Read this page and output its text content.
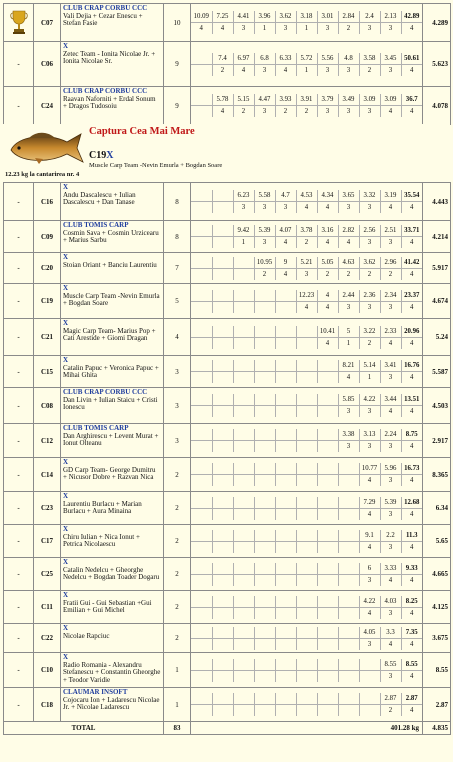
	C07	
CLUB CRAP CORBU CCC
Vali Dejia + Cezar Enescu + Stefan Fasie	10	
10.09	7.25	4.41	3.96	3.62	3.18	3.01	2.84	2.4	2.13	42.89
4	4	3	1	3	1	3	2	3	3	4
	4.289
-	C06	
X
Zetec Team - Ionita Nicolae Jr. + Ionita Nicolae Sr.	9	
	7.4	6.97	6.8	6.33	5.72	5.56	4.8	3.58	3.45	50.61
	2	4	3	4	1	3	3	2	3	4
	5.623
-	C24	
CLUB CRAP CORBU CCC
Raavan Naforniti + Erdal Sonum + Dragos Tudosoiu	9	
	5.78	5.15	4.47	3.93	3.91	3.79	3.49	3.09	3.09	36.7
	4	2	3	2	2	3	3	3	4	4
	4.078
Captura Cea Mai Mare
C19X
Muscle Carp Team -Nevin Emurla + Bogdan Soare
12.23 kg la cantarirea nr. 4
-	C16	
X
Andu Dascalescu + Iulian Dascalescu + Dan Tanase	8	
		6.23	5.58	4.7	4.53	4.34	3.65	3.32	3.19	35.54
		3	3	3	4	4	3	3	4	4
	4.443
-	C09	
CLUB TOMIS CARP
Cosmin Sava + Cosmin Urzicearu + Marius Sarbu	8	
		9.42	5.39	4.07	3.78	3.16	2.82	2.56	2.51	33.71
		1	3	4	2	4	4	3	3	4
	4.214
-	C20	
X
Stoian Oriant + Banciu Laurentiu	7	
			10.95	9	5.21	5.05	4.63	3.62	2.96	41.42
			2	4	3	2	2	2	2	4
	5.917
-	C19	
X
Muscle Carp Team -Nevin Emurla + Bogdan Soare	5	
					12.23	4	2.44	2.36	2.34	23.37
					4	4	3	3	3	4
	4.674
-	C21	
X
Magic Carp Team- Marius Pop + Cati Arestide + Giomi Dragan	4	
						10.41	5	3.22	2.33	20.96
						4	1	2	4	4
	5.24
-	C15	
X
Catalin Papuc + Veronica Papuc + Mihai Ghita	3	
							8.21	5.14	3.41	16.76
							4	1	3	4
	5.587
-	C08	
CLUB CRAP CORBU CCC
Dan Livin + Iulian Staicu + Cristi Ionescu	3	
							5.85	4.22	3.44	13.51
							3	3	4	4
	4.503
-	C12	
CLUB TOMIS CARP
Dan Arghirescu + Levent Murat + Ionut Olteanu	3	
							3.38	3.13	2.24	8.75
							3	3	3	4
	2.917
-	C14	
X
GD Carp Team- George Dumitru + Nicusor Dobre + Razvan Nica	2	
								10.77	5.96	16.73
								4	3	4
	8.365
-	C23	
X
Laurentiu Burlacu + Marian Burlacu + Aura Minaina	2	
								7.29	5.39	12.68
								4	3	4
	6.34
-	C17	
X
Chiru Iulian + Nica Ionut + Petrica Nicolaescu	2	
								9.1	2.2	11.3
								4	3	4
	5.65
-	C25	
X
Catalin Nedelcu + Gheorghe Nedelcu + Bogdan Toader Dogaru	2	
								6	3.33	9.33
								3	4	4
	4.665
-	C11	
X
Fratii Gui - Gui Sebastian +Gui Emilian + Gui Michel	2	
								4.22	4.03	8.25
								4	3	4
	4.125
-	C22	
X
Nicolae Rapciuc	2	
								4.05	3.3	7.35
								3	4	4
	3.675
-	C10	
X
Radio Romania - Alexandru Stefanescu + Constantin Gheorghe + Teodor Varidie
	1	
									8.55	8.55
									3	4
	8.55
-	C18	
CLAUMAR INSOFT
Cojocaru Ion + Ladarescu Nicolae Jr. + Nicolae Ladarescu	1	
									2.87	2.87
									2	4
	2.87
TOTAL	83	401.28 kg	4.835
